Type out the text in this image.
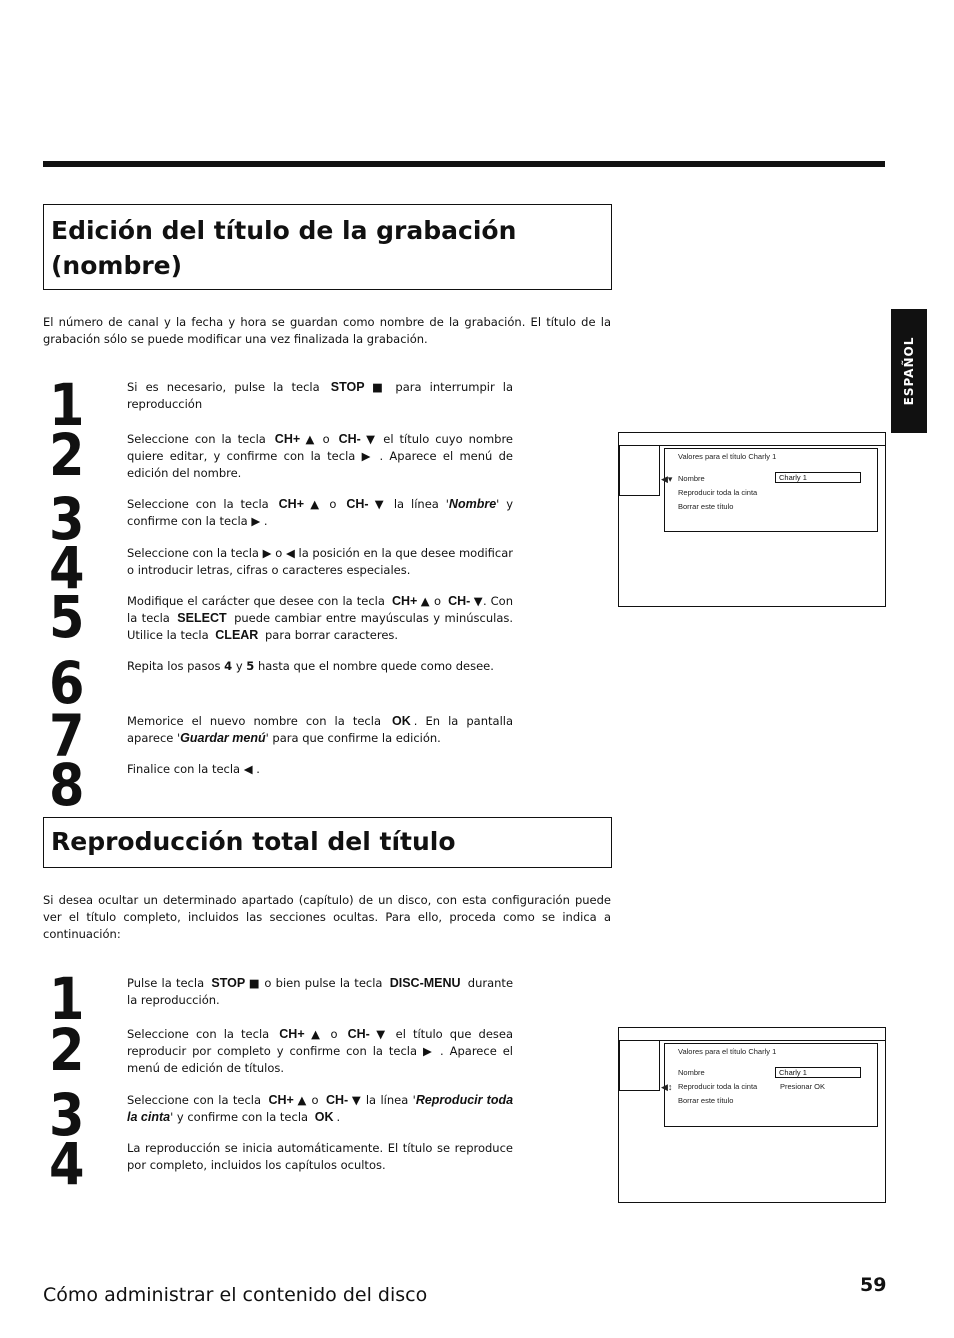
ESPAÑOL
Edición del título de la grabación
(nombre)
El número de canal y la fecha y hora se guardan como nombre de la grabación. El título de la grabación sólo se puede modificar una vez finalizada la grabación.
1
2
3
4
5
6
7
8
Si es necesario, pulse la tecla STOP ■ para interrumpir la reproducción
Seleccione con la tecla CH+ ▲ o CH- ▼ el título cuyo nombre quiere editar, y confirme con la tecla ▶ . Aparece el menú de edición del nombre.
Seleccione con la tecla CH+ ▲ o CH- ▼ la línea 'Nombre' y confirme con la tecla ▶ .
Seleccione con la tecla ▶ o ◀ la posición en la que desee modificar o introducir letras, cifras o caracteres especiales.
Modifique el carácter que desee con la tecla CH+ ▲ o CH- ▼. Con la tecla SELECT puede cambiar entre mayúsculas y minúsculas. Utilice la tecla CLEAR para borrar caracteres.
Repita los pasos 4 y 5 hasta que el nombre quede como desee.
Memorice el nuevo nombre con la tecla OK . En la pantalla aparece 'Guardar menú' para que confirme la edición.
Finalice con la tecla ◀ .
Valores para el título Charly 1
◀▾ Nombre	Charly 1
Reproducir toda la cinta
Borrar este título
Reproducción total del título
Si desea ocultar un determinado apartado (capítulo) de un disco, con esta configuración puede ver el título completo, incluidos las secciones ocultas. Para ello, proceda como se indica a continuación:
1
2
3
4
Pulse la tecla STOP ■ o bien pulse la tecla DISC-MENU durante la reproducción.
Seleccione con la tecla CH+ ▲ o CH- ▼ el título que desea reproducir por completo y confirme con la tecla ▶ . Aparece el menú de edición de títulos.
Seleccione con la tecla CH+ ▲ o CH- ▼ la línea 'Reproducir toda la cinta' y confirme con la tecla OK .
La reproducción se inicia automáticamente. El título se reproduce por completo, incluidos los capítulos ocultos.
Valores para el título Charly 1
Nombre	Charly 1
◀↕ Reproducir toda la cinta	Presionar OK
Borrar este título
Cómo administrar el contenido del disco	59
